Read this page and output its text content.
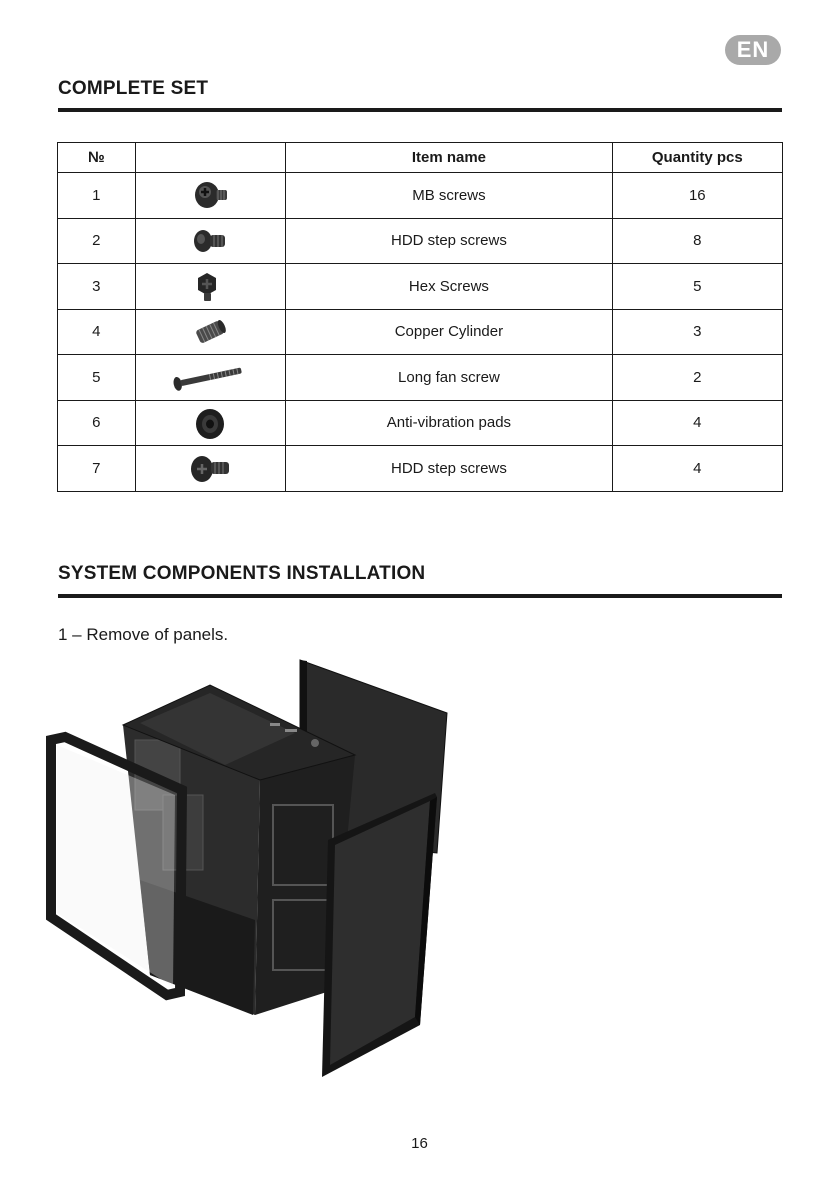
EN
COMPLETE SET
№		Item name	Quantity pcs
1		MB screws	16
2		HDD step screws	8
3		Hex Screws	5
4		Copper Cylinder	3
5		Long fan screw	2
6		Anti-vibration pads	4
7		HDD step screws	4
SYSTEM COMPONENTS INSTALLATION
1 – Remove of panels.
16
